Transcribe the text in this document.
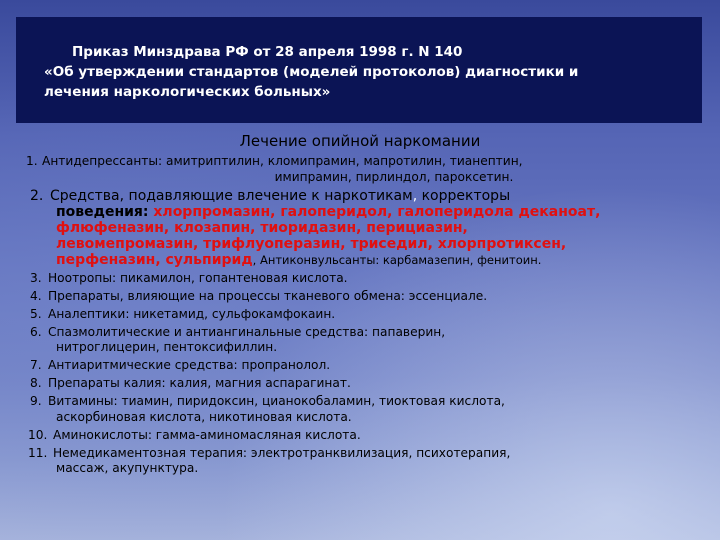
Приказ Минздрава РФ от 28 апреля 1998 г. N 140
«Об утверждении стандартов (моделей протоколов) диагностики и
лечения наркологических больных»
Лечение опийной наркомании
1. Антидепрессанты: амитриптилин, кломипрамин, мапротилин, тианептин,
имипрамин, пирлиндол, пароксетин.
2. Средства, подавляющие влечение к наркотикам, корректоры
поведения: хлорпромазин, галоперидол, галоперидола деканоат,
флюфеназин, клозапин, тиоридазин, перициазин,
левомепромазин, трифлуоперазин, триседил, хлорпротиксен,
перфеназин, сульпирид, Антиконвульсанты: карбамазепин, фенитоин.
3. Ноотропы: пикамилон, гопантеновая кислота.
4. Препараты, влияющие на процессы тканевого обмена: эссенциале.
5. Аналептики: никетамид, сульфокамфокаин.
6. Спазмолитические и антиангинальные средства: папаверин,
нитроглицерин, пентоксифиллин.
7. Антиаритмические средства: пропранолол.
8. Препараты калия: калия, магния аспарагинат.
9. Витамины: тиамин, пиридоксин, цианокобаламин, тиоктовая кислота,
аскорбиновая кислота, никотиновая кислота.
10. Аминокислоты: гамма-аминомасляная кислота.
11. Немедикаментозная терапия: электротранквилизация, психотерапия,
массаж, акупунктура.
